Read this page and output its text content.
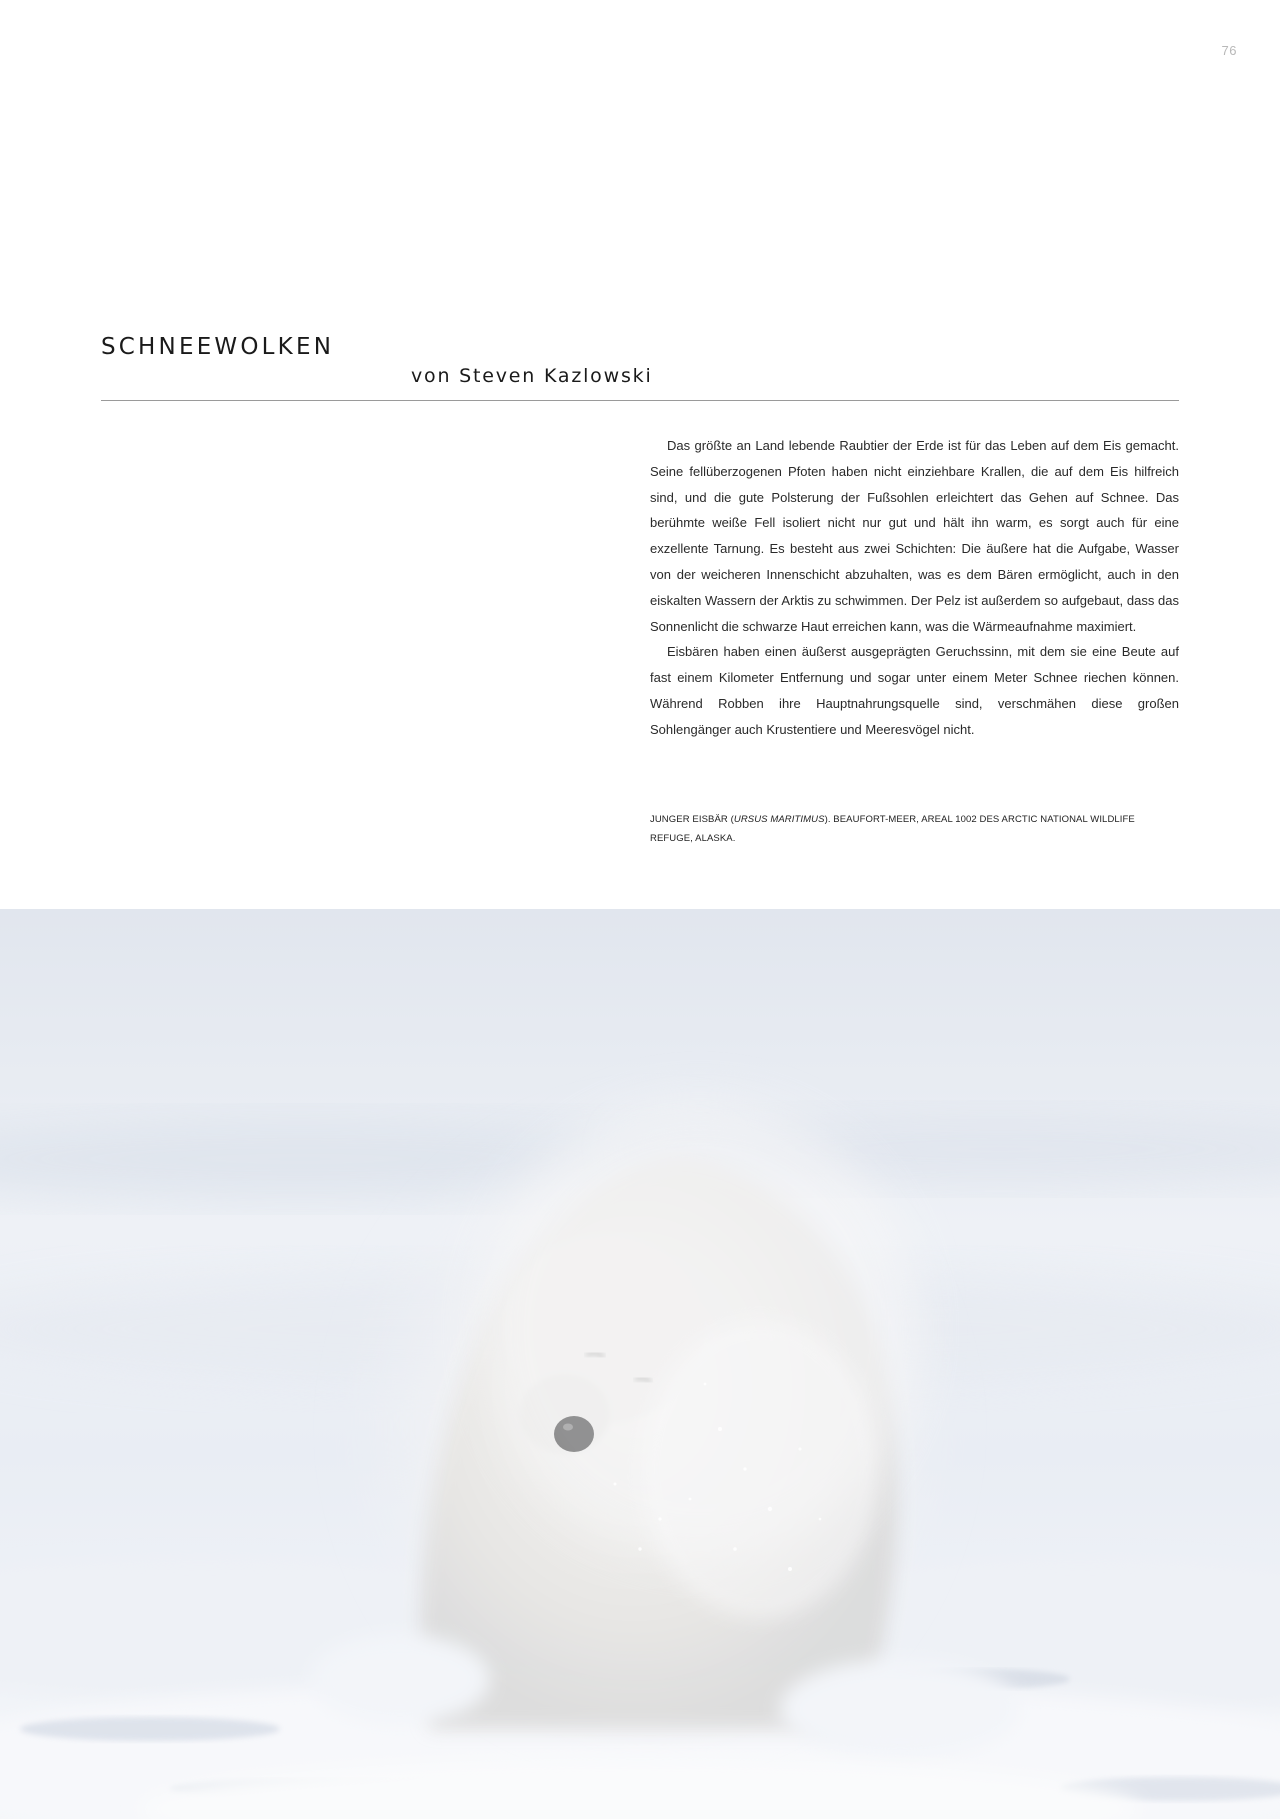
76
SCHNEEWOLKEN
von Steven Kazlowski

Das größte an Land lebende Raubtier der Erde ist für das Leben auf dem Eis gemacht. Seine fellüberzogenen Pfoten haben nicht einziehbare Krallen, die auf dem Eis hilfreich sind, und die gute Polsterung der Fußsohlen erleichtert das Gehen auf Schnee. Das berühmte weiße Fell isoliert nicht nur gut und hält ihn warm, es sorgt auch für eine exzellente Tarnung. Es besteht aus zwei Schichten: Die äußere hat die Aufgabe, Wasser von der weicheren Innenschicht abzuhalten, was es dem Bären ermöglicht, auch in den eiskalten Wassern der Arktis zu schwimmen. Der Pelz ist außerdem so aufgebaut, dass das Sonnenlicht die schwarze Haut erreichen kann, was die Wärmeaufnahme maximiert.

Eisbären haben einen äußerst ausgeprägten Geruchssinn, mit dem sie eine Beute auf fast einem Kilometer Entfernung und sogar unter einem Meter Schnee riechen können. Während Robben ihre Hauptnahrungsquelle sind, verschmähen diese großen Sohlengänger auch Krustentiere und Meeresvögel nicht.

JUNGER EISBÄR (URSUS MARITIMUS). BEAUFORT-MEER, AREAL 1002 DES ARCTIC NATIONAL WILDLIFE REFUGE, ALASKA.
